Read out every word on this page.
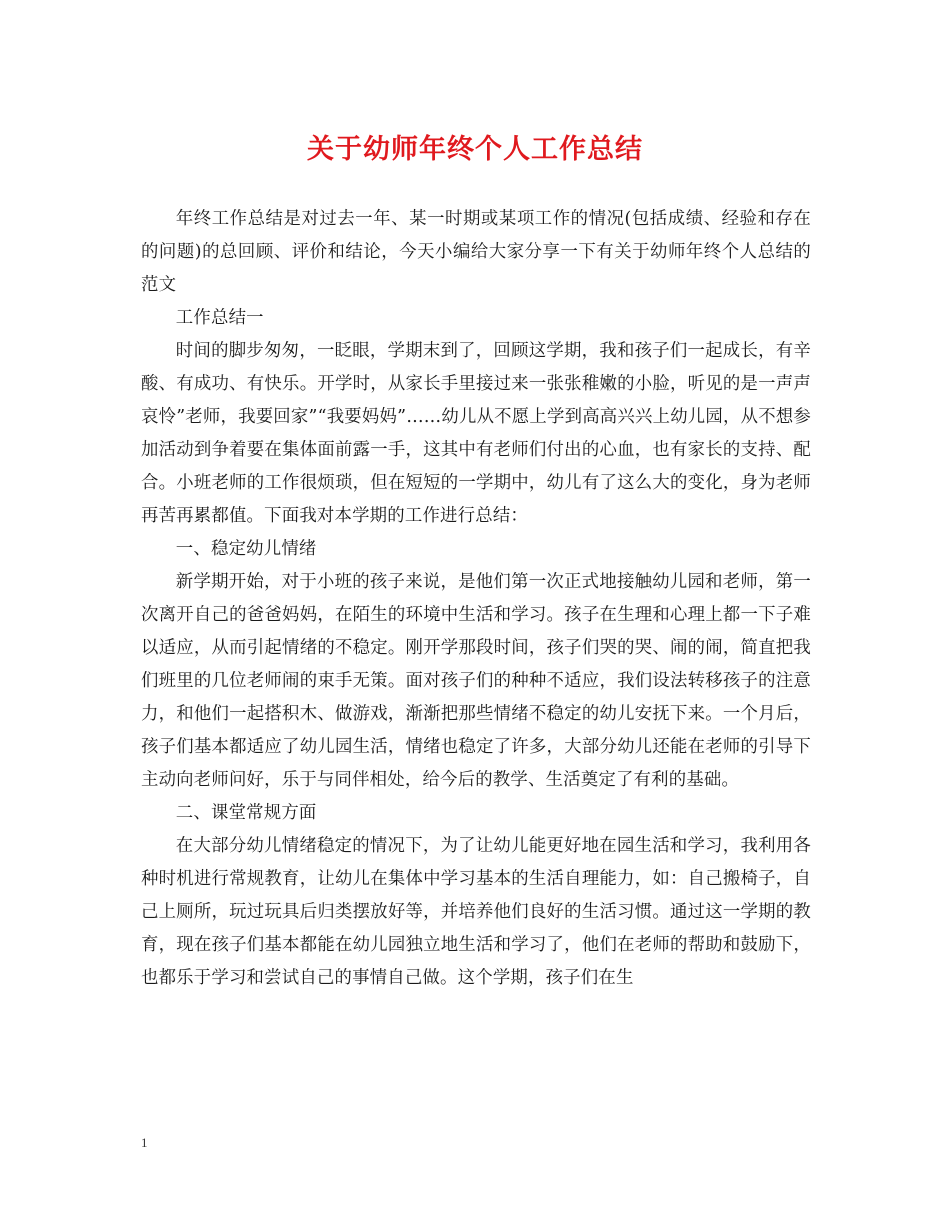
关于幼师年终个人工作总结

年终工作总结是对过去一年、某一时期或某项工作的情况(包括成绩、经验和存在的问题)的总回顾、评价和结论，今天小编给大家分享一下有关于幼师年终个人总结的范文

工作总结一

时间的脚步匆匆，一眨眼，学期末到了，回顾这学期，我和孩子们一起成长，有辛酸、有成功、有快乐。开学时，从家长手里接过来一张张稚嫩的小脸，听见的是一声声哀怜”老师，我要回家”“我要妈妈”……幼儿从不愿上学到高高兴兴上幼儿园，从不想参加活动到争着要在集体面前露一手，这其中有老师们付出的心血，也有家长的支持、配合。小班老师的工作很烦琐，但在短短的一学期中，幼儿有了这么大的变化，身为老师再苦再累都值。下面我对本学期的工作进行总结：

一、稳定幼儿情绪

新学期开始，对于小班的孩子来说，是他们第一次正式地接触幼儿园和老师，第一次离开自己的爸爸妈妈，在陌生的环境中生活和学习。孩子在生理和心理上都一下子难以适应，从而引起情绪的不稳定。刚开学那段时间，孩子们哭的哭、闹的闹，简直把我们班里的几位老师闹的束手无策。面对孩子们的种种不适应，我们设法转移孩子的注意力，和他们一起搭积木、做游戏，渐渐把那些情绪不稳定的幼儿安抚下来。一个月后，孩子们基本都适应了幼儿园生活，情绪也稳定了许多，大部分幼儿还能在老师的引导下主动向老师问好，乐于与同伴相处，给今后的教学、生活奠定了有利的基础。

二、课堂常规方面

在大部分幼儿情绪稳定的情况下，为了让幼儿能更好地在园生活和学习，我利用各种时机进行常规教育，让幼儿在集体中学习基本的生活自理能力，如：自己搬椅子，自己上厕所，玩过玩具后归类摆放好等，并培养他们良好的生活习惯。通过这一学期的教育，现在孩子们基本都能在幼儿园独立地生活和学习了，他们在老师的帮助和鼓励下，也都乐于学习和尝试自己的事情自己做。这个学期，孩子们在生

1
